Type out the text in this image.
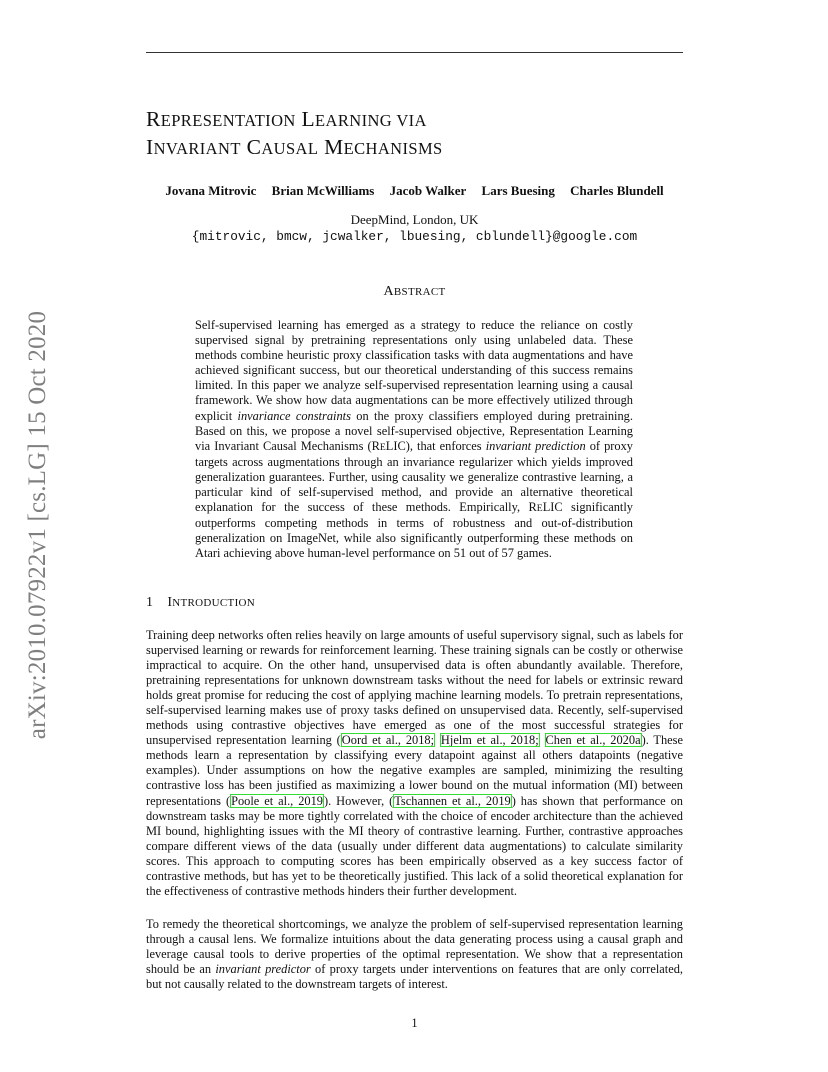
REPRESENTATION LEARNING VIA
INVARIANT CAUSAL MECHANISMS
Jovana Mitrovic Brian McWilliams Jacob Walker Lars Buesing Charles Blundell
DeepMind, London, UK
{mitrovic, bmcw, jcwalker, lbuesing, cblundell}@google.com
ABSTRACT

Self-supervised learning has emerged as a strategy to reduce the reliance on costly supervised signal by pretraining representations only using unlabeled data. These methods combine heuristic proxy classification tasks with data augmentations and have achieved significant success, but our theoretical understanding of this success remains limited. In this paper we analyze self-supervised representation learning using a causal framework. We show how data augmentations can be more effectively utilized through explicit invariance constraints on the proxy classifiers employed during pretraining. Based on this, we propose a novel self-supervised objective, Representation Learning via Invariant Causal Mechanisms (RELIC), that enforces invariant prediction of proxy targets across augmentations through an invariance regularizer which yields improved generalization guarantees. Further, using causality we generalize contrastive learning, a particular kind of self-supervised method, and provide an alternative theoretical explanation for the success of these methods. Empirically, RELIC significantly outperforms competing methods in terms of robustness and out-of-distribution generalization on ImageNet, while also significantly outperforming these methods on Atari achieving above human-level performance on 51 out of 57 games.

1 INTRODUCTION

Training deep networks often relies heavily on large amounts of useful supervisory signal, such as labels for supervised learning or rewards for reinforcement learning. These training signals can be costly or otherwise impractical to acquire. On the other hand, unsupervised data is often abundantly available. Therefore, pretraining representations for unknown downstream tasks without the need for labels or extrinsic reward holds great promise for reducing the cost of applying machine learning models. To pretrain representations, self-supervised learning makes use of proxy tasks defined on unsupervised data. Recently, self-supervised methods using contrastive objectives have emerged as one of the most successful strategies for unsupervised representation learning (Oord et al., 2018; Hjelm et al., 2018; Chen et al., 2020a). These methods learn a representation by classifying every datapoint against all others datapoints (negative examples). Under assumptions on how the negative examples are sampled, minimizing the resulting contrastive loss has been justified as maximizing a lower bound on the mutual information (MI) between representations (Poole et al., 2019). However, (Tschannen et al., 2019) has shown that performance on downstream tasks may be more tightly correlated with the choice of encoder architecture than the achieved MI bound, highlighting issues with the MI theory of contrastive learning. Further, contrastive approaches compare different views of the data (usually under different data augmentations) to calculate similarity scores. This approach to computing scores has been empirically observed as a key success factor of contrastive methods, but has yet to be theoretically justified. This lack of a solid theoretical explanation for the effectiveness of contrastive methods hinders their further development.

To remedy the theoretical shortcomings, we analyze the problem of self-supervised representation learning through a causal lens. We formalize intuitions about the data generating process using a causal graph and leverage causal tools to derive properties of the optimal representation. We show that a representation should be an invariant predictor of proxy targets under interventions on features that are only correlated, but not causally related to the downstream targets of interest.

1
arXiv:2010.07922v1 [cs.LG] 15 Oct 2020
